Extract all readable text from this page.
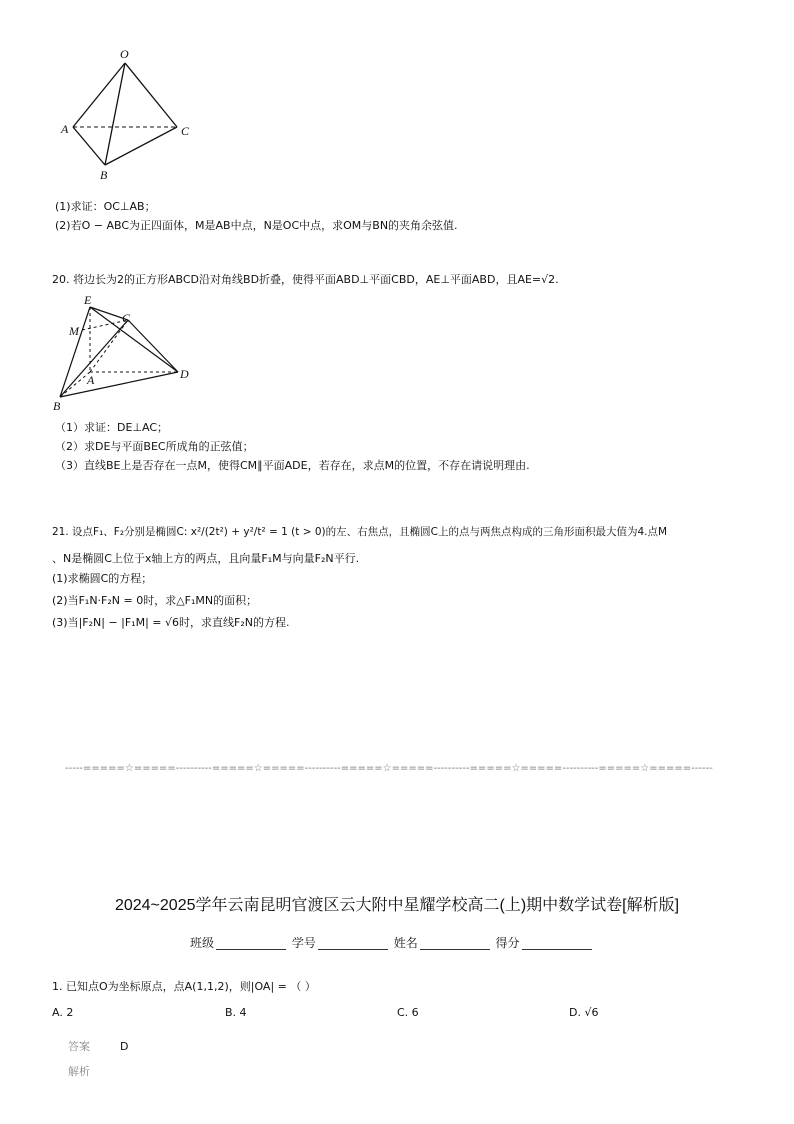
O
A	C
B
(1)求证：OC⊥AB；
(2)若O − ABC为正四面体，M是AB中点，N是OC中点，求OM与BN的夹角余弦值.
20. 将边长为2的正方形ABCD沿对角线BD折叠，使得平面ABD⊥平面CBD，AE⊥平面ABD，且AE=√2.
E
M
C
A	D
B
（1）求证：DE⊥AC；
（2）求DE与平面BEC所成角的正弦值；
（3）直线BE上是否存在一点M，使得CM∥平面ADE，若存在，求点M的位置，不存在请说明理由.
21. 设点F₁、F₂分别是椭圆C: x²/(2t²) + y²/t² = 1 (t > 0)的左、右焦点，且椭圆C上的点与两焦点构成的三角形面积最大值为4.点M
、N是椭圆C上位于x轴上方的两点，且向量F₁M与向量F₂N平行.
(1)求椭圆C的方程；
(2)当F₁N·F₂N = 0时，求△F₁MN的面积；
(3)当|F₂N| − |F₁M| = √6时，求直线F₂N的方程.
-----=====☆=====----------=====☆=====----------=====☆=====----------=====☆=====----------=====☆=====------
2024~2025学年云南昆明官渡区云大附中星耀学校高二(上)期中数学试卷[解析版]
班级	学号	姓名	得分
1. 已知点O为坐标原点，点A(1,1,2)，则|OA| = （ ）
A. 2	B. 4	C. 6	D. √6
答案	D
解析
